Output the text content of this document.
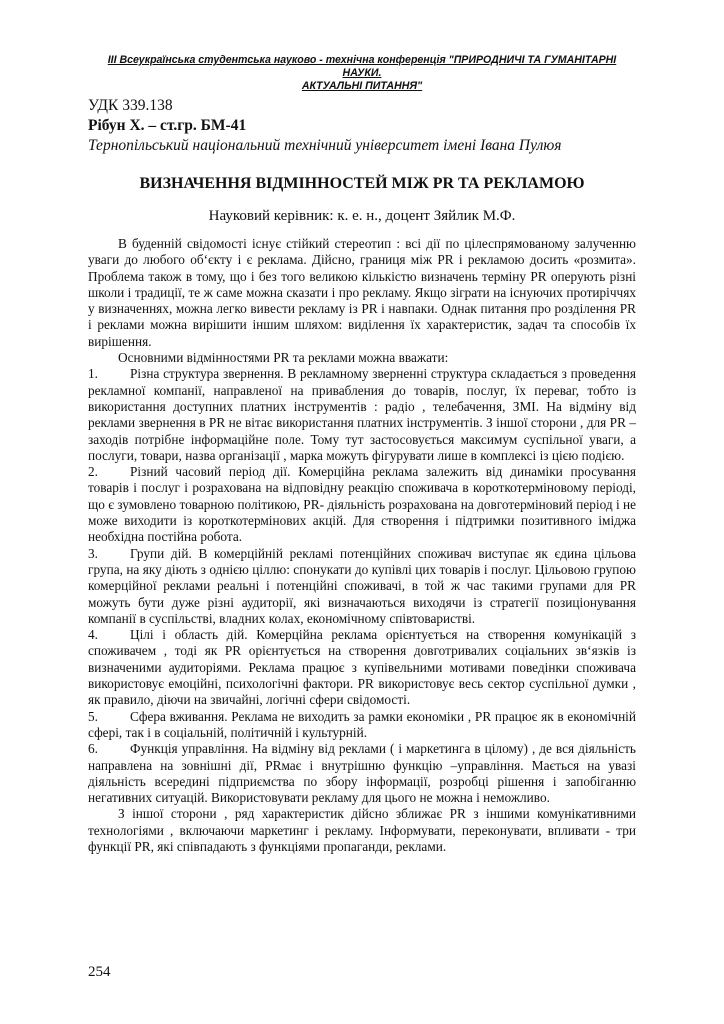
ІІІ Всеукраїнська студентська науково - технічна конференція "ПРИРОДНИЧІ ТА ГУМАНІТАРНІ НАУКИ.
АКТУАЛЬНІ ПИТАННЯ"
УДК 339.138
Рібун Х. – ст.гр. БМ-41
Тернопільський національний технічний університет імені Івана Пулюя
ВИЗНАЧЕННЯ ВІДМІННОСТЕЙ МІЖ PR ТА РЕКЛАМОЮ
Науковий керівник: к. е. н., доцент Зяйлик М.Ф.

В буденній свідомості існує стійкий стереотип : всі дії по цілеспрямованому залученню уваги до любого об‘єкту і є реклама. Дійсно, границя між PR і рекламою досить «розмита». Проблема також в тому, що і без того великою кількістю визначень терміну PR оперують різні школи і традиції, те ж саме можна сказати і про рекламу. Якщо зіграти на існуючих протиріччях у визначеннях, можна легко вивести рекламу із PR і навпаки. Однак питання про розділення PR і реклами можна вирішити іншим шляхом: виділення їх характеристик, задач та способів їх вирішення.

Основними відмінностями PR та реклами можна вважати:

1. Різна структура звернення. В рекламному зверненні структура складається з проведення рекламної компанії, направленої на привабления до товарів, послуг, їх переваг, тобто із використання доступних платних інструментів : радіо , телебачення, ЗМІ. На відміну від реклами звернення в PR не вітає використання платних інструментів. З іншої сторони , для PR – заходів потрібне інформаційне поле. Тому тут застосовується максимум суспільної уваги, а послуги, товари, назва організації , марка можуть фігурувати лише в комплексі із цією подією.

2. Різний часовий період дії. Комерційна реклама залежить від динаміки просування товарів і послуг і розрахована на відповідну реакцію споживача в короткотерміновому періоді, що є зумовлено товарною політикою, PR- діяльність розрахована на довготерміновий період і не може виходити із короткотермінових акцій. Для створення і підтримки позитивного іміджа необхідна постійна робота.

3. Групи дій. В комерційній рекламі потенційних споживач виступає як єдина цільова група, на яку діють з однією ціллю: спонукати до купівлі цих товарів і послуг. Цільовою групою комерційної реклами реальні і потенційні споживачі, в той ж час такими групами для PR можуть бути дуже різні аудиторії, які визначаються виходячи із стратегії позиціонування компанії в суспільстві, владних колах, економічному співтоваристві.

4. Цілі і область дій. Комерційна реклама орієнтується на створення комунікацій з споживачем , тоді як PR орієнтується на створення довготривалих соціальних зв‘язків із визначеними аудиторіями. Реклама працює з купівельними мотивами поведінки споживача використовує емоційні, психологічні фактори. PR використовує весь сектор суспільної думки , як правило, діючи на звичайні, логічні сфери свідомості.

5. Сфера вживання. Реклама не виходить за рамки економіки , PR працює як в економічній сфері, так і в соціальній, політичній і культурній.

6. Функція управління. На відміну від реклами ( і маркетинга в цілому) , де вся діяльність направлена на зовнішні дії, PRмає і внутрішню функцію –управління. Мається на увазі діяльність всередині підприємства по збору інформації, розробці рішення і запобіганню негативних ситуацій. Використовувати рекламу для цього не можна і неможливо.

З іншої сторони , ряд характеристик дійсно зближає PR з іншими комунікативними технологіями , включаючи маркетинг і рекламу. Інформувати, переконувати, впливати - три функції PR, які співпадають з функціями пропаганди, реклами.

254
